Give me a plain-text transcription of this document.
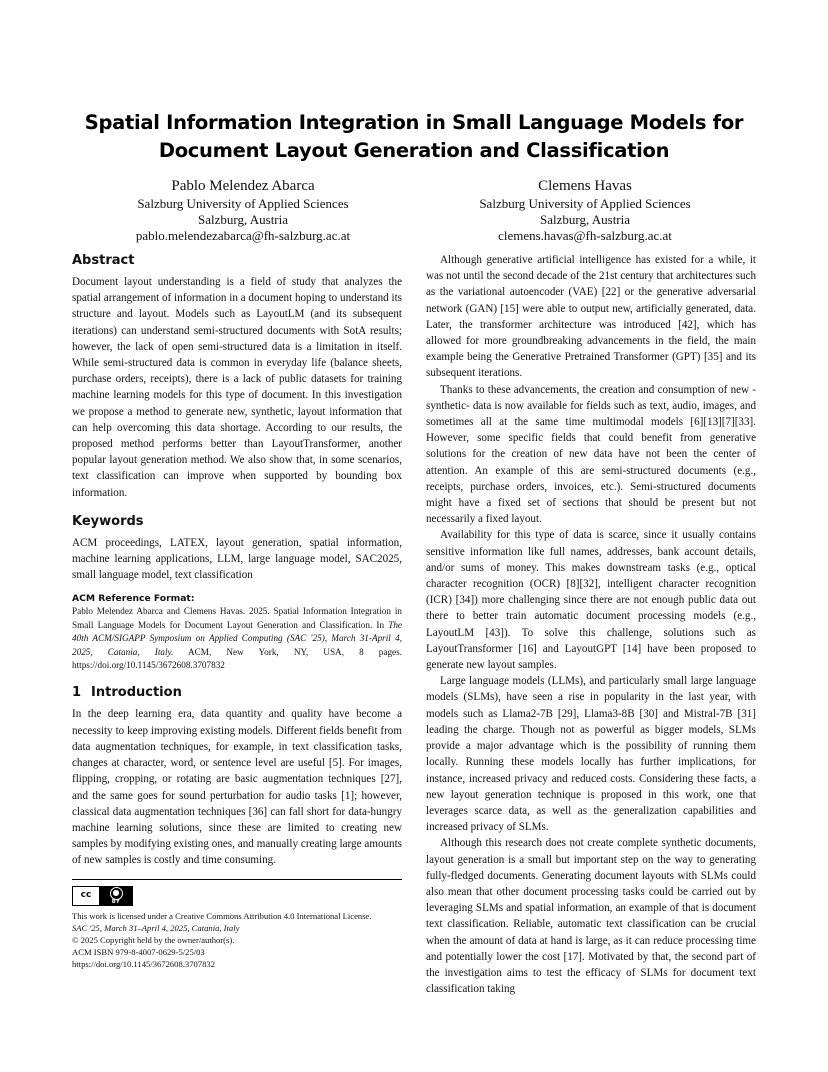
Spatial Information Integration in Small Language Models for
Document Layout Generation and Classification
Pablo Melendez Abarca
Salzburg University of Applied Sciences
Salzburg, Austria
pablo.melendezabarca@fh-salzburg.ac.at
Clemens Havas
Salzburg University of Applied Sciences
Salzburg, Austria
clemens.havas@fh-salzburg.ac.at
Abstract

Document layout understanding is a field of study that analyzes the spatial arrangement of information in a document hoping to understand its structure and layout. Models such as LayoutLM (and its subsequent iterations) can understand semi-structured documents with SotA results; however, the lack of open semi-structured data is a limitation in itself. While semi-structured data is common in everyday life (balance sheets, purchase orders, receipts), there is a lack of public datasets for training machine learning models for this type of document. In this investigation we propose a method to generate new, synthetic, layout information that can help overcoming this data shortage. According to our results, the proposed method performs better than LayoutTransformer, another popular layout generation method. We also show that, in some scenarios, text classification can improve when supported by bounding box information.

Keywords

ACM proceedings, LATEX, layout generation, spatial information, machine learning applications, LLM, large language model, SAC2025, small language model, text classification

ACM Reference Format:

Pablo Melendez Abarca and Clemens Havas. 2025. Spatial Information Integration in Small Language Models for Document Layout Generation and Classification. In The 40th ACM/SIGAPP Symposium on Applied Computing (SAC '25), March 31-April 4, 2025, Catania, Italy. ACM, New York, NY, USA, 8 pages. https://doi.org/10.1145/3672608.3707832

1 Introduction

In the deep learning era, data quantity and quality have become a necessity to keep improving existing models. Different fields benefit from data augmentation techniques, for example, in text classification tasks, changes at character, word, or sentence level are useful [5]. For images, flipping, cropping, or rotating are basic augmentation techniques [27], and the same goes for sound perturbation for audio tasks [1]; however, classical data augmentation techniques [36] can fall short for data-hungry machine learning solutions, since these are limited to creating new samples by modifying existing ones, and manually creating large amounts of new samples is costly and time consuming.

cc	●
BY
This work is licensed under a Creative Commons Attribution 4.0 International License.
SAC '25, March 31–April 4, 2025, Catania, Italy
© 2025 Copyright held by the owner/author(s).
ACM ISBN 979-8-4007-0629-5/25/03
https://doi.org/10.1145/3672608.3707832

Although generative artificial intelligence has existed for a while, it was not until the second decade of the 21st century that architectures such as the variational autoencoder (VAE) [22] or the generative adversarial network (GAN) [15] were able to output new, artificially generated, data. Later, the transformer architecture was introduced [42], which has allowed for more groundbreaking advancements in the field, the main example being the Generative Pretrained Transformer (GPT) [35] and its subsequent iterations.

Thanks to these advancements, the creation and consumption of new -synthetic- data is now available for fields such as text, audio, images, and sometimes all at the same time multimodal models [6][13][7][33]. However, some specific fields that could benefit from generative solutions for the creation of new data have not been the center of attention. An example of this are semi-structured documents (e.g., receipts, purchase orders, invoices, etc.). Semi-structured documents might have a fixed set of sections that should be present but not necessarily a fixed layout.

Availability for this type of data is scarce, since it usually contains sensitive information like full names, addresses, bank account details, and/or sums of money. This makes downstream tasks (e.g., optical character recognition (OCR) [8][32], intelligent character recognition (ICR) [34]) more challenging since there are not enough public data out there to better train automatic document processing models (e.g., LayoutLM [43]). To solve this challenge, solutions such as LayoutTransformer [16] and LayoutGPT [14] have been proposed to generate new layout samples.

Large language models (LLMs), and particularly small large language models (SLMs), have seen a rise in popularity in the last year, with models such as Llama2-7B [29], Llama3-8B [30] and Mistral-7B [31] leading the charge. Though not as powerful as bigger models, SLMs provide a major advantage which is the possibility of running them locally. Running these models locally has further implications, for instance, increased privacy and reduced costs. Considering these facts, a new layout generation technique is proposed in this work, one that leverages scarce data, as well as the generalization capabilities and increased privacy of SLMs.

Although this research does not create complete synthetic documents, layout generation is a small but important step on the way to generating fully-fledged documents. Generating document layouts with SLMs could also mean that other document processing tasks could be carried out by leveraging SLMs and spatial information, an example of that is document text classification. Reliable, automatic text classification can be crucial when the amount of data at hand is large, as it can reduce processing time and potentially lower the cost [17]. Motivated by that, the second part of the investigation aims to test the efficacy of SLMs for document text classification taking
